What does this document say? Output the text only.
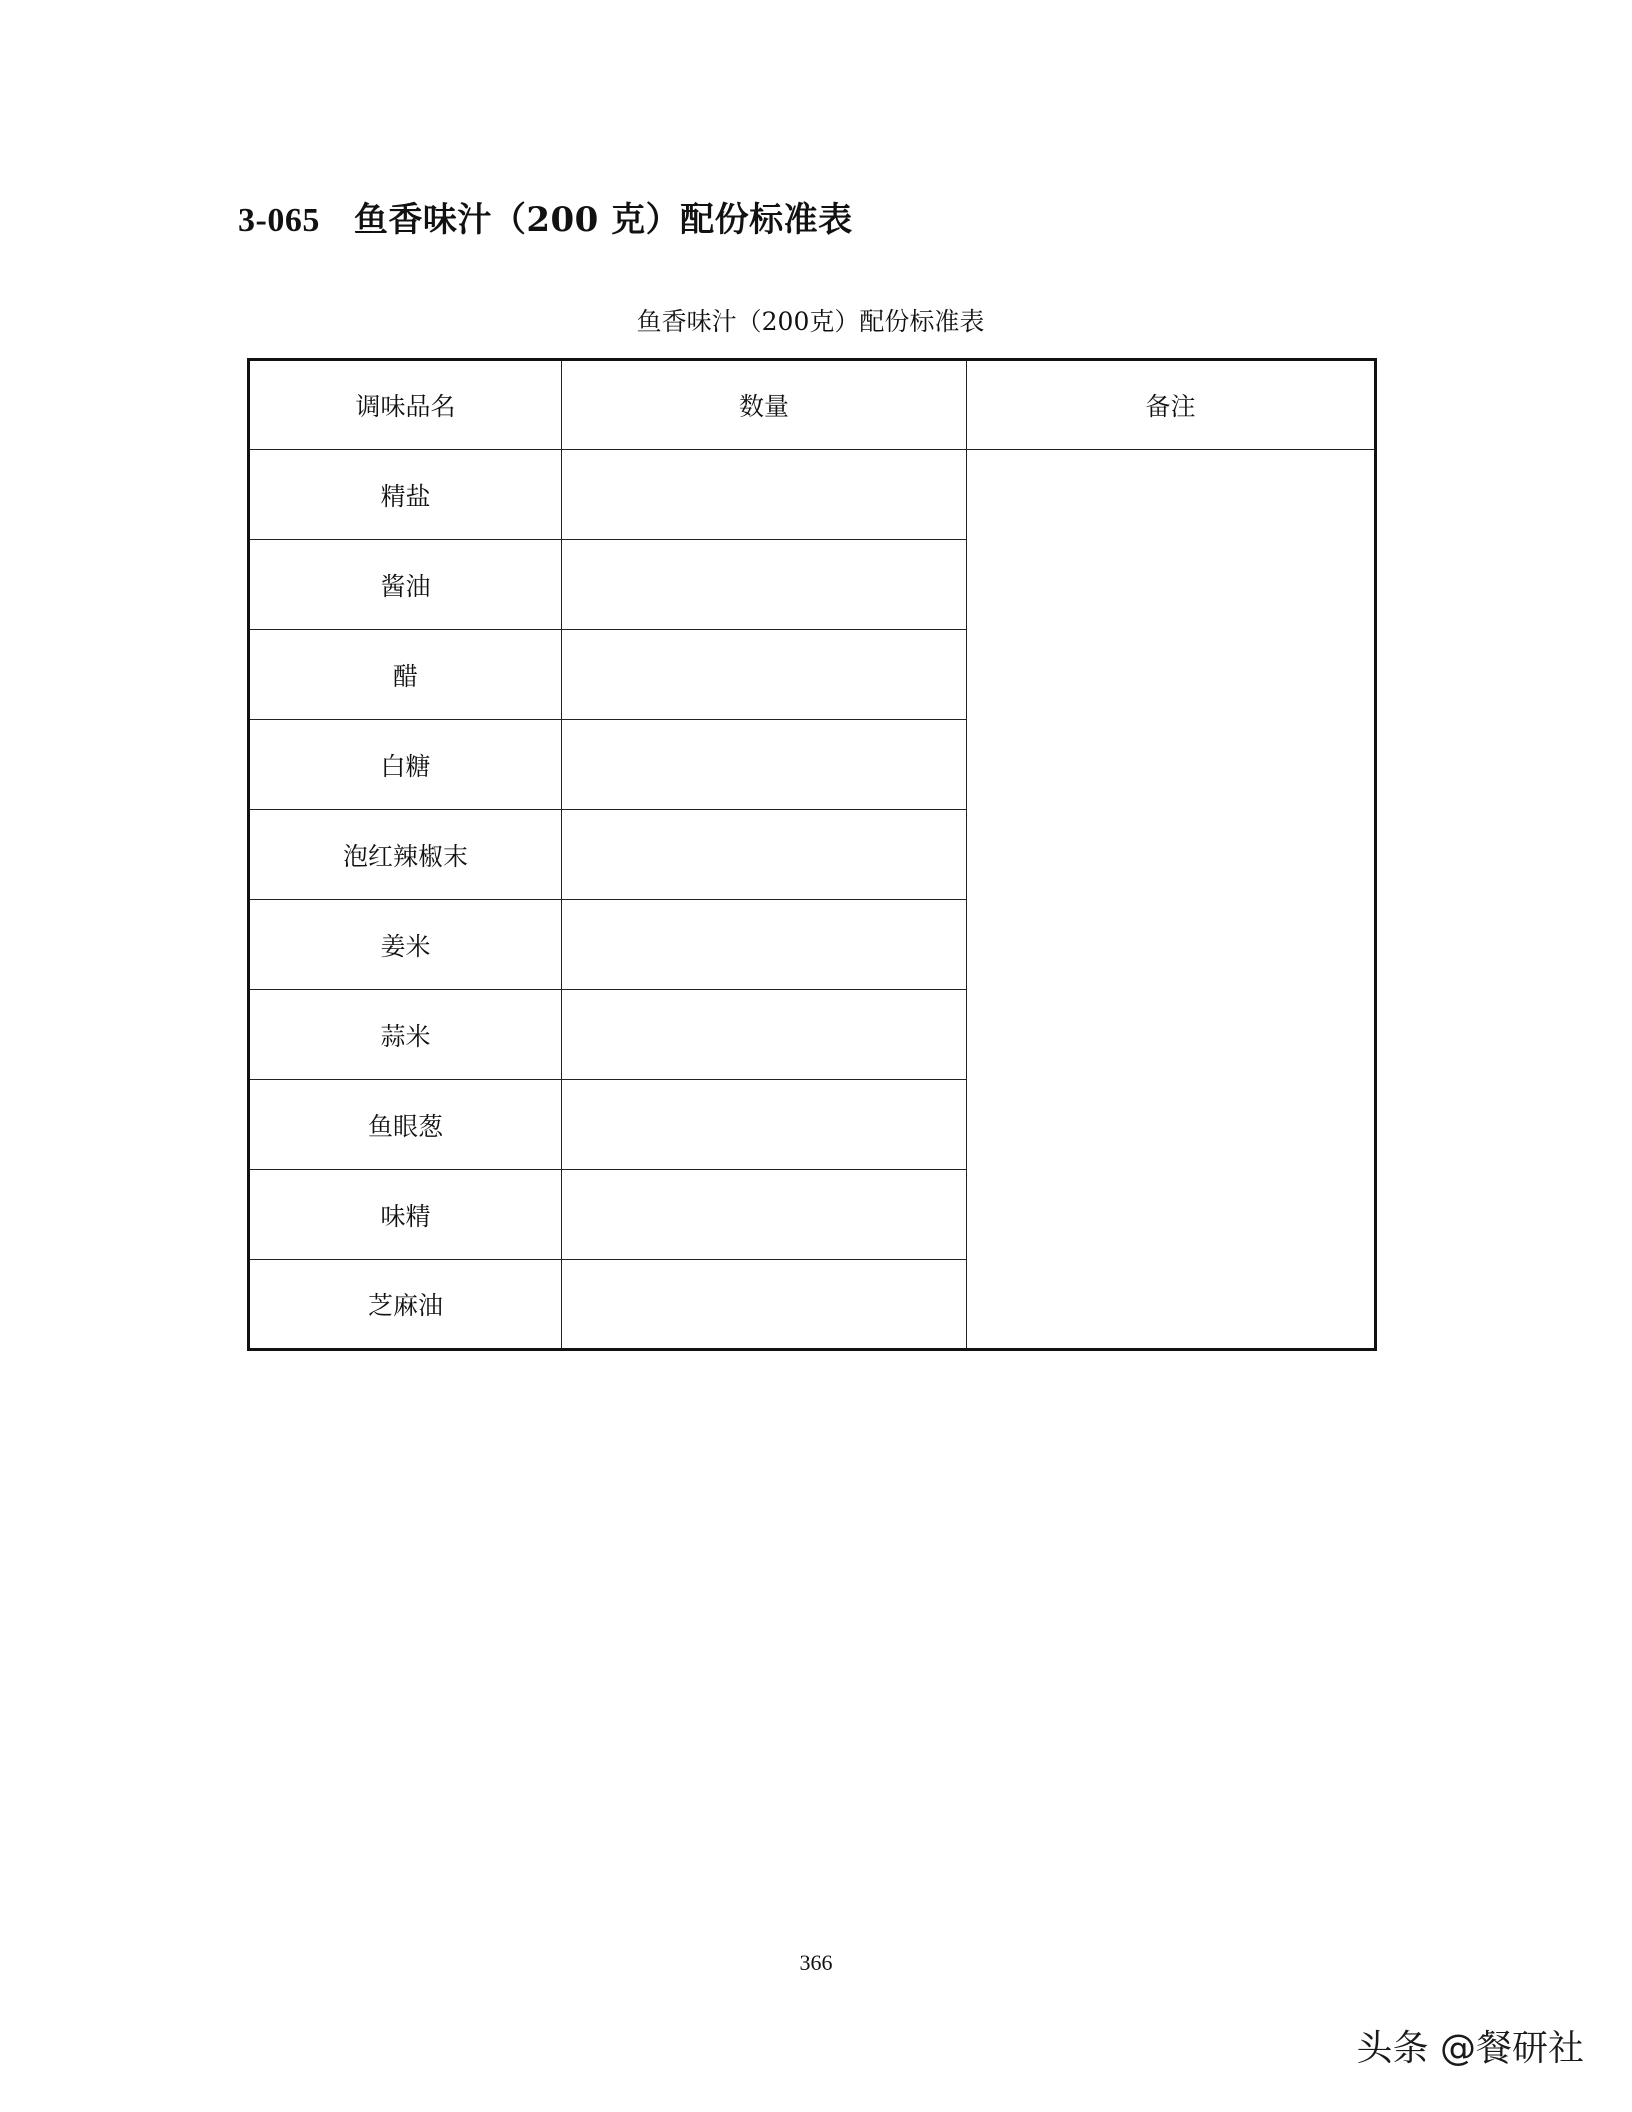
3-065 鱼香味汁（200 克）配份标准表
鱼香味汁（200克）配份标准表
调味品名	数量	备注
精盐		
酱油		
醋		
白糖		
泡红辣椒末		
姜米		
蒜米		
鱼眼葱		
味精		
芝麻油		
366
头条 @餐研社
